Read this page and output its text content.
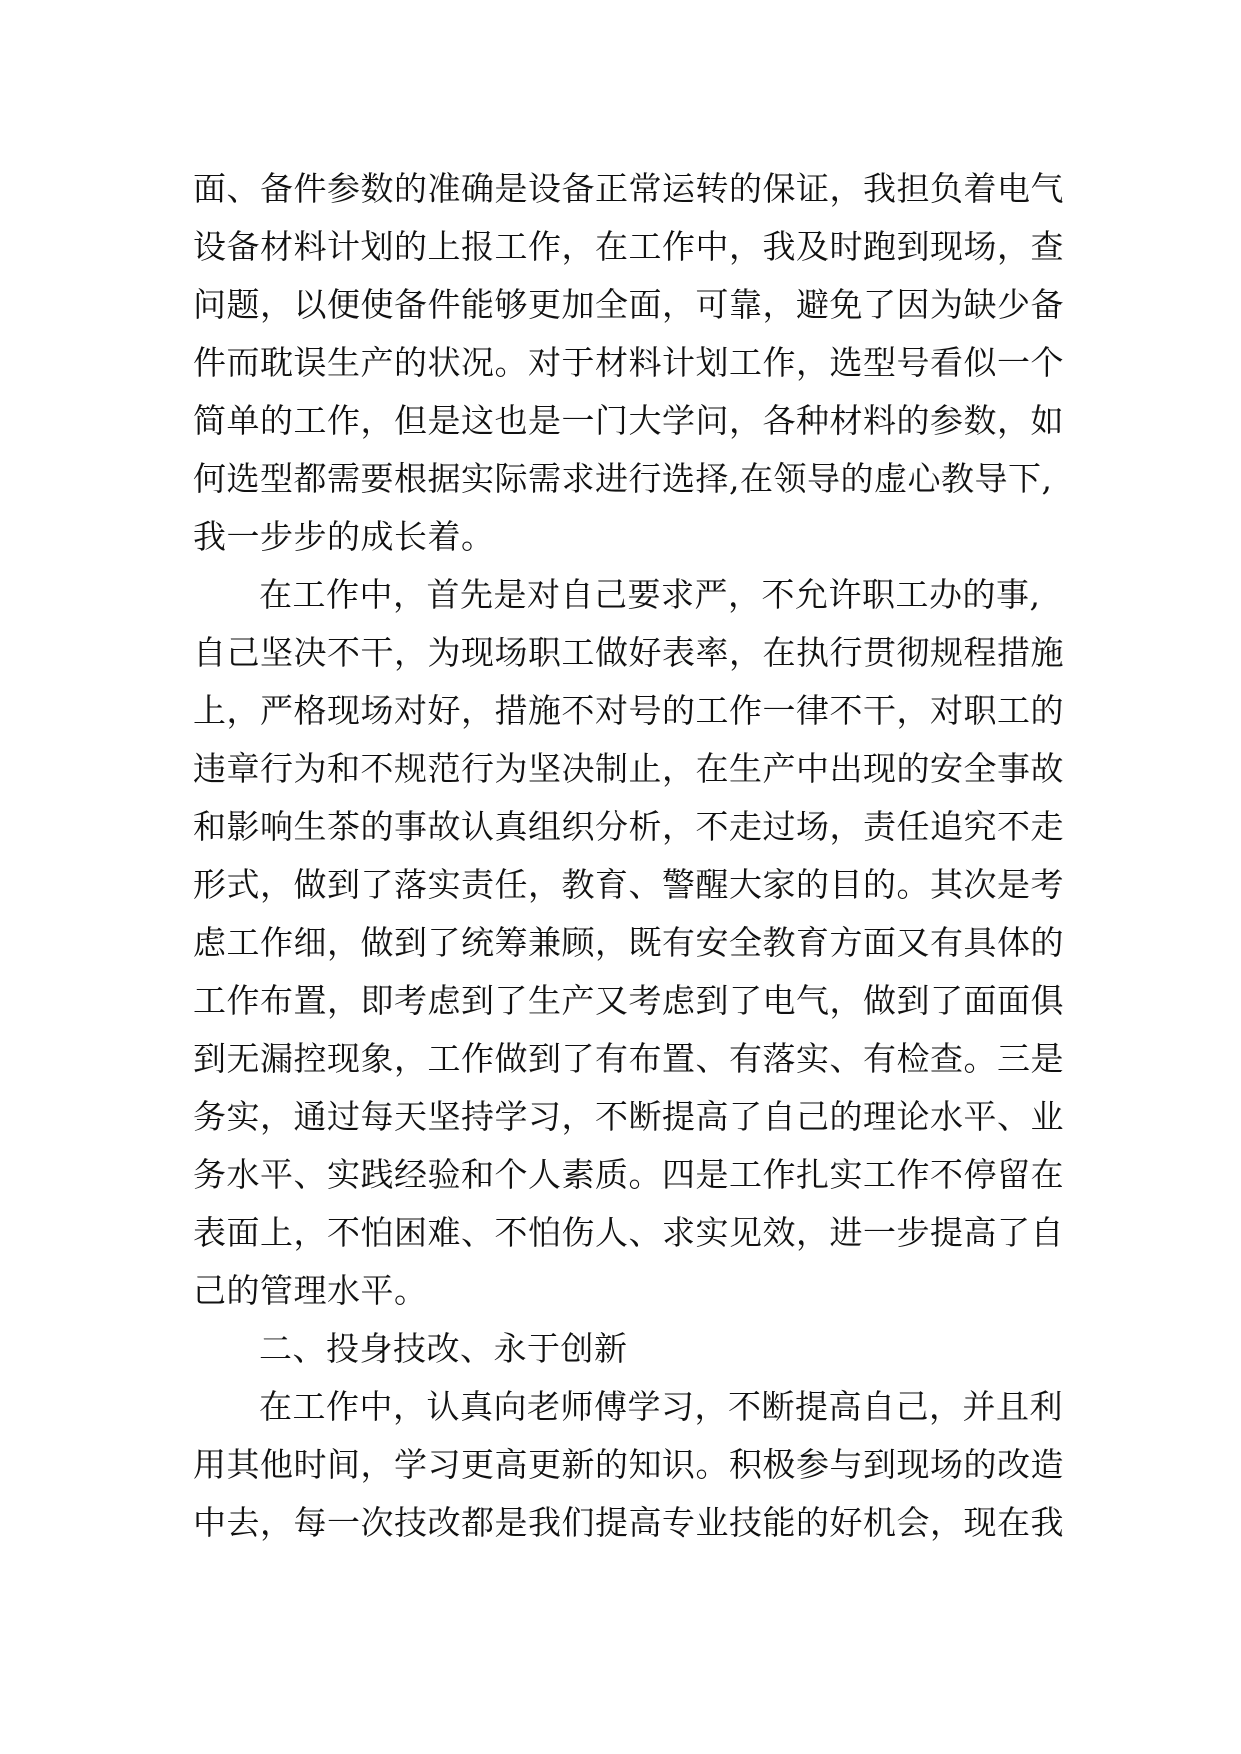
面、备件参数的准确是设备正常运转的保证，我担负着电气
设备材料计划的上报工作，在工作中，我及时跑到现场，查
问题，以便使备件能够更加全面，可靠，避免了因为缺少备
件而耽误生产的状况。对于材料计划工作，选型号看似一个
简单的工作，但是这也是一门大学问，各种材料的参数，如
何选型都需要根据实际需求进行选择,在领导的虚心教导下,
我一步步的成长着。
在工作中，首先是对自己要求严，不允许职工办的事,
自己坚决不干，为现场职工做好表率，在执行贯彻规程措施
上，严格现场对好，措施不对号的工作一律不干，对职工的
违章行为和不规范行为坚决制止，在生产中出现的安全事故
和影响生茶的事故认真组织分析，不走过场，责任追究不走
形式，做到了落实责任，教育、警醒大家的目的。其次是考
虑工作细，做到了统筹兼顾，既有安全教育方面又有具体的
工作布置，即考虑到了生产又考虑到了电气，做到了面面俱
到无漏控现象，工作做到了有布置、有落实、有检查。三是
务实，通过每天坚持学习，不断提高了自己的理论水平、业
务水平、实践经验和个人素质。四是工作扎实工作不停留在
表面上，不怕困难、不怕伤人、求实见效，进一步提高了自
己的管理水平。
二、投身技改、永于创新
在工作中，认真向老师傅学习，不断提高自己，并且利
用其他时间，学习更高更新的知识。积极参与到现场的改造
中去，每一次技改都是我们提高专业技能的好机会，现在我
